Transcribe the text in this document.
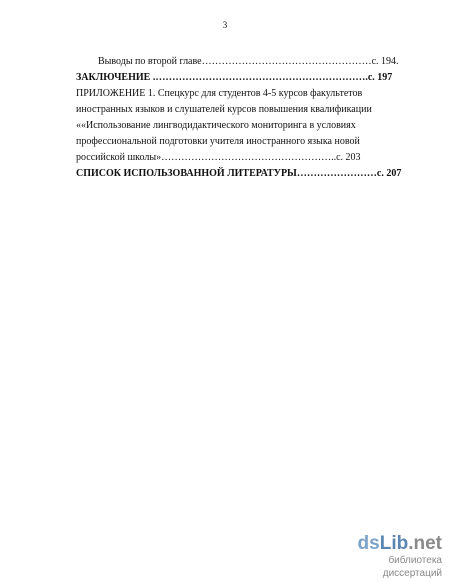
3
Выводы по второй главе……………………………………………с. 194.
ЗАКЛЮЧЕНИЕ .……………………………………………………….с. 197
ПРИЛОЖЕНИЕ 1. Спецкурс для студентов 4-5 курсов факультетов
иностранных языков и слушателей курсов повышения квалификации
««Использование лингводидактического мониторинга в условиях
профессиональной подготовки учителя иностранного языка новой
российской школы»……………………………………………..с. 203
СПИСОК ИСПОЛЬЗОВАННОЙ ЛИТЕРАТУРЫ……………………с. 207
dsLib.net
библиотека диссертаций
